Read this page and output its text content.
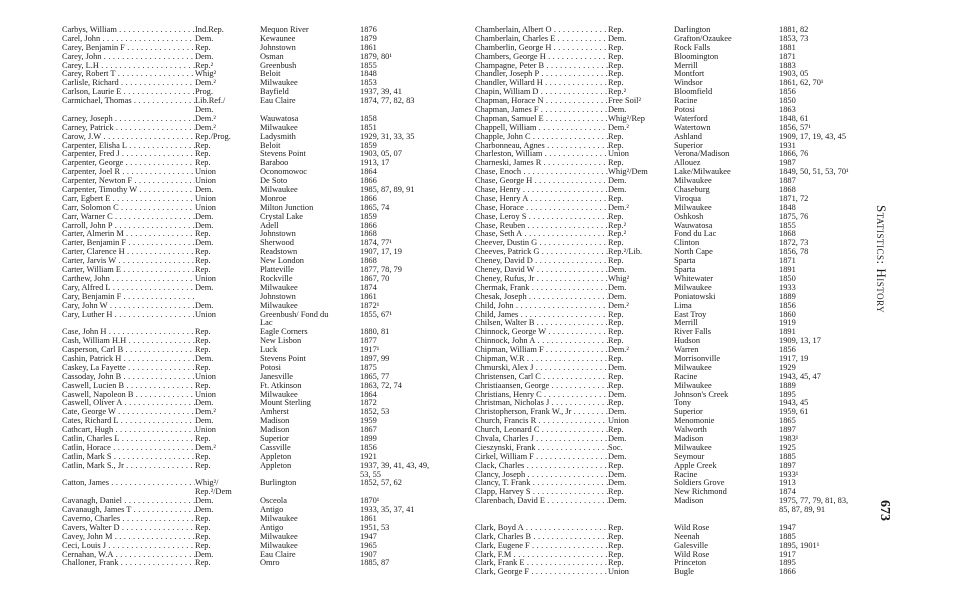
Carbys, William . . .	Ind.Rep.	Mequon River	1876
Carel, John . . .	Dem.	Kewaunee	1879
Carey, Benjamin F . . .	Rep.	Johnstown	1861
Carey, John . . .	Dem.	Osman	1879, 80¹
Carey, L.H . . .	Rep.²	Greenbush	1855
Carey, Robert T . . .	Whig²	Beloit	1848
Carlisle, Richard . . .	Dem.²	Milwaukee	1853
Carlson, Laurie E . . .	Prog.	Bayfield	1937, 39, 41
Carmichael, Thomas . . .	Lib.Ref./	Eau Claire	1874, 77, 82, 83
Dem.
Carney, Joseph . . .	Dem.²	Wauwatosa	1858
Carney, Patrick . . .	Dem.²	Milwaukee	1851
Carow, J.W . . .	Rep./Prog.	Ladysmith	1929, 31, 33, 35
Carpenter, Elisha L . . .	Rep.	Beloit	1859
Carpenter, Fred J . . .	Rep.	Stevens Point	1903, 05, 07
Carpenter, George . . .	Rep.	Baraboo	1913, 17
Carpenter, Joel R . . .	Union	Oconomowoc	1864
Carpenter, Newton F . . .	Union	De Soto	1866
Carpenter, Timothy W . . .	Dem.	Milwaukee	1985, 87, 89, 91
Carr, Egbert E . . .	Union	Monroe	1866
Carr, Solomon C . . .	Union	Milton Junction	1865, 74
Carr, Warner C . . .	Dem.	Crystal Lake	1859
Carroll, John P . . .	Dem.	Adell	1866
Carter, Almerin M . . .	Rep.	Johnstown	1868
Carter, Benjamin F . . .	Dem.	Sherwood	1874, 77¹
Carter, Clarence H . . .	Rep.	Readstown	1907, 17, 19
Carter, Jarvis W . . .	Rep.	New London	1868
Carter, William E . . .	Rep.	Platteville	1877, 78, 79
Carthew, John . . .	Union	Rockville	1867, 70
Cary, Alfred L . . .	Dem.	Milwaukee	1874
Cary, Benjamin F . . .	Johnstown	1861
Cary, John W . . .	Dem.	Milwaukee	1872¹
Cary, Luther H . . .	Union	Greenbush/ Fond du	1855, 67¹
Lac
Case, John H . . .	Rep.	Eagle Corners	1880, 81
Cash, William H.H . . .	Rep.	New Lisbon	1877
Casperson, Carl B . . .	Rep.	Luck	1917¹
Cashin, Patrick H . . .	Dem.	Stevens Point	1897, 99
Caskey, La Fayette . . .	Rep.	Potosi	1875
Cassoday, John B . . .	Union	Janesville	1865, 77
Caswell, Lucien B . . .	Rep.	Ft. Atkinson	1863, 72, 74
Caswell, Napoleon B . . .	Union	Milwaukee	1864
Caswell, Oliver A . . .	Dem.	Mount Sterling	1872
Cate, George W . . .	Dem.²	Amherst	1852, 53
Cates, Richard L . . .	Dem.	Madison	1959
Cathcart, Hugh . . .	Union	Madison	1867
Catlin, Charles L . . .	Rep.	Superior	1899
Catlin, Horace . . .	Dem.²	Cassville	1856
Catlin, Mark S . . .	Rep.	Appleton	1921
Catlin, Mark S., Jr . . .	Rep.	Appleton	1937, 39, 41, 43, 49,
53, 55
Catton, James . . .	Whig²/	Burlington	1852, 57, 62
Rep.²/Dem
Cavanagh, Daniel . . .	Dem.	Osceola	1870¹
Cavanaugh, James T . . .	Dem.	Antigo	1933, 35, 37, 41
Caverno, Charles . . .	Rep.	Milwaukee	1861
Cavers, Walter D . . .	Rep.	Antigo	1951, 53
Cavey, John M . . .	Rep.	Milwaukee	1947
Ceci, Louis J . . .	Rep.	Milwaukee	1965
Cernahan, W.A . . .	Dem.	Eau Claire	1907
Challoner, Frank . . .	Rep.	Omro	1885, 87
Chamberlain, Albert O . . .	Rep.	Darlington	1881, 82
Chamberlain, Charles E . . .	Dem.	Grafton/Ozaukee	1853, 73
Chamberlin, George H . . .	Rep.	Rock Falls	1881
Chambers, George H . . .	Rep.	Bloomington	1871
Champagne, Peter B . . .	Rep.	Merrill	1883
Chandler, Joseph P . . .	Rep.	Montfort	1903, 05
Chandler, Willard H . . .	Rep.	Windsor	1861, 62, 70¹
Chapin, William D . . .	Rep.²	Bloomfield	1856
Chapman, Horace N . . .	Free Soil²	Racine	1850
Chapman, James F . . .	Dem.	Potosi	1863
Chapman, Samuel E . . .	Whig²/Rep	Waterford	1848, 61
Chappell, William . . .	Dem.²	Watertown	1856, 57¹
Chapple, John C . . .	Rep.	Ashland	1909, 17, 19, 43, 45
Charbonneau, Agnes . . .	Rep.	Superior	1931
Charleston, William . . .	Union	Verona/Madison	1866, 76
Charneski, James R . . .	Rep.	Allouez	1987
Chase, Enoch . . .	Whig²/Dem	Lake/Milwaukee	1849, 50, 51, 53, 70¹
Chase, George H . . .	Dem.	Milwaukee	1887
Chase, Henry . . .	Dem.	Chaseburg	1868
Chase, Henry A . . .	Rep.	Viroqua	1871, 72
Chase, Horace . . .	Dem.²	Milwaukee	1848
Chase, Leroy S . . .	Rep.	Oshkosh	1875, 76
Chase, Reuben . . .	Rep.²	Wauwatosa	1855
Chase, Seth A . . .	Rep.²	Fond du Lac	1868
Cheever, Dustin G . . .	Rep.	Clinton	1872, 73
Cheeves, Patrick G . . .	Rep.²/Lib.	North Cape	1856, 78
Cheney, David D . . .	Rep.	Sparta	1871
Cheney, David W . . .	Dem.	Sparta	1891
Cheney, Rufus, Jr . . .	Whig²	Whitewater	1850
Chermak, Frank . . .	Dem.	Milwaukee	1933
Chesak, Joseph . . .	Dem.	Poniatowski	1889
Child, John . . .	Dem.²	Lima	1856
Child, James . . .	Rep.	East Troy	1860
Chilsen, Walter B . . .	Rep.	Merrill	1919
Chinnock, George W . . .	Rep.	River Falls	1891
Chinnock, John A . . .	Rep.	Hudson	1909, 13, 17
Chipman, William F . . .	Dem.²	Warren	1856
Chipman, W.R . . .	Rep.	Morrisonville	1917, 19
Chmurski, Alex J . . .	Dem.	Milwaukee	1929
Christensen, Carl C . . .	Rep.	Racine	1943, 45, 47
Christiaansen, George . . .	Rep.	Milwaukee	1889
Christians, Henry C . . .	Dem.	Johnson's Creek	1895
Christman, Nicholas J . . .	Rep.	Tony	1943, 45
Christopherson, Frank W., Jr . . .	Dem.	Superior	1959, 61
Church, Francis R . . .	Union	Menomonie	1865
Church, Leonard C . . .	Rep.	Walworth	1897
Chvala, Charles J . . .	Dem.	Madison	1983¹
Cieszynski, Frank . . .	Soc.	Milwaukee	1925
Cirkel, William F . . .	Dem.	Seymour	1885
Clack, Charles . . .	Rep.	Apple Creek	1897
Clancy, Joseph . . .	Dem.	Racine	1933¹
Clancy, T. Frank . . .	Dem.	Soldiers Grove	1913
Clapp, Harvey S . . .	Rep.	New Richmond	1874
Clarenbach, David E . . .	Dem.	Madison	1975, 77, 79, 81, 83,
85, 87, 89, 91
Clark, Boyd A . . .	Rep.	Wild Rose	1947
Clark, Charles B . . .	Rep.	Neenah	1885
Clark, Eugene F . . .	Rep.	Galesville	1895, 1901¹
Clark, F.M . . .	Rep.	Wild Rose	1917
Clark, Frank E . . .	Rep.	Princeton	1895
Clark, George F . . .	Union	Bugle	1866
Statistics: History
673
